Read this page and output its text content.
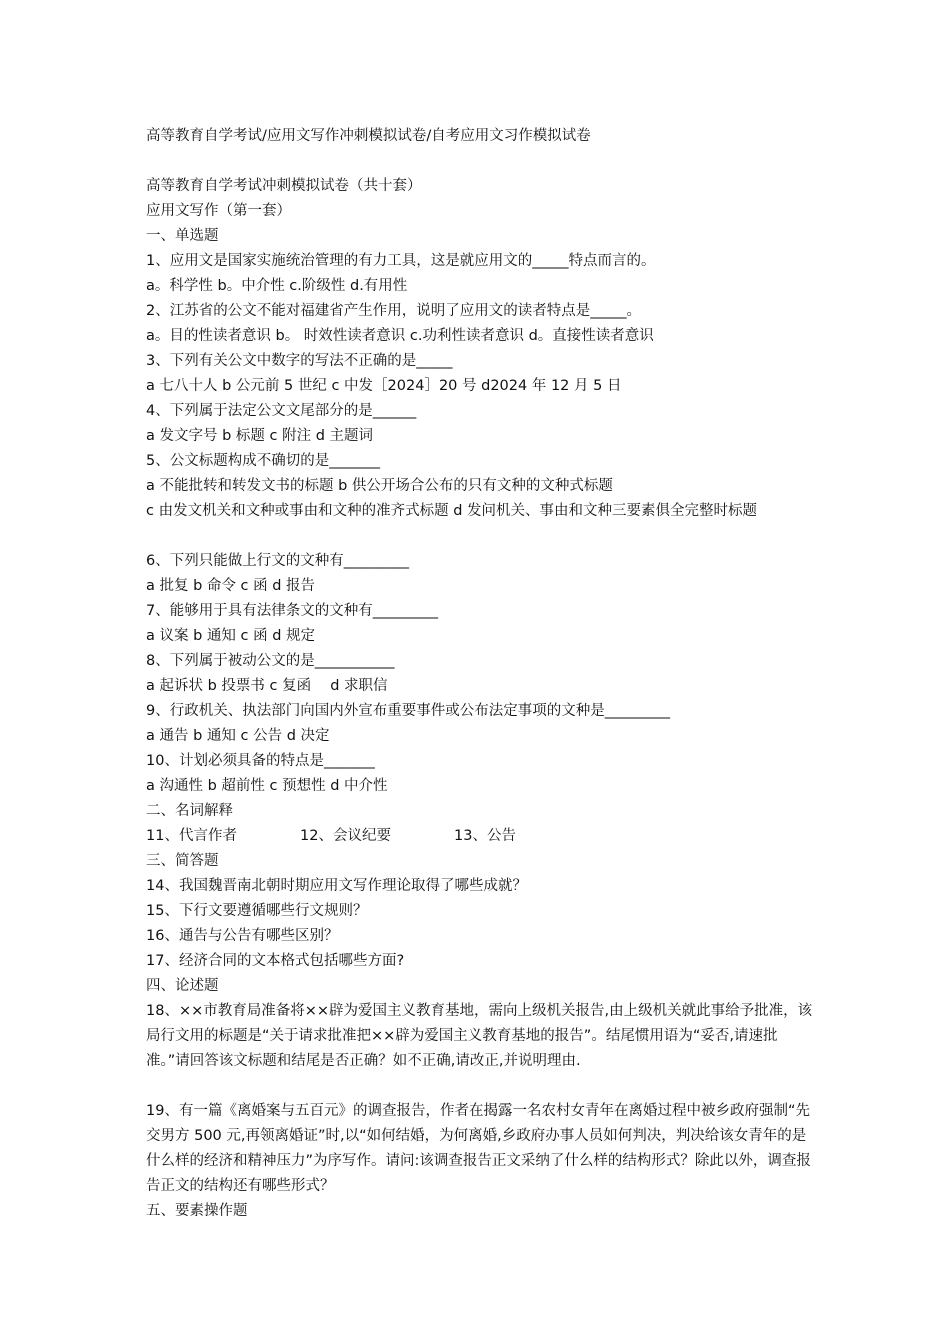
高等教育自学考试/应用文写作冲刺模拟试卷/自考应用文习作模拟试卷
高等教育自学考试冲刺模拟试卷（共十套）
应用文写作（第一套）
一、单选题
1、应用文是国家实施统治管理的有力工具，这是就应用文的_____特点而言的。
a。科学性 b。中介性 c.阶级性 d.有用性
2、江苏省的公文不能对福建省产生作用，说明了应用文的读者特点是_____。
a。目的性读者意识 b。 时效性读者意识 c.功利性读者意识 d。直接性读者意识
3、下列有关公文中数字的写法不正确的是_____
a 七八十人 b 公元前 5 世纪 c 中发［2024］20 号 d2024 年 12 月 5 日
4、下列属于法定公文文尾部分的是______
a 发文字号 b 标题 c 附注 d 主题词
5、公文标题构成不确切的是_______
a 不能批转和转发文书的标题 b 供公开场合公布的只有文种的文种式标题
c 由发文机关和文种或事由和文种的准齐式标题 d 发问机关、事由和文种三要素俱全完整时标题
6、下列只能做上行文的文种有_________
a 批复 b 命令 c 函 d 报告
7、能够用于具有法律条文的文种有_________
a 议案 b 通知 c 函 d 规定
8、下列属于被动公文的是___________
a 起诉状 b 投票书 c 复函　 d 求职信
9、行政机关、执法部门向国内外宣布重要事件或公布法定事项的文种是_________
a 通告 b 通知 c 公告 d 决定
10、计划必须具备的特点是_______
a 沟通性 b 超前性 c 预想性 d 中介性
二、名词解释
11、代言作者	12、会议纪要	13、公告
三、简答题
14、我国魏晋南北朝时期应用文写作理论取得了哪些成就？
15、下行文要遵循哪些行文规则？
16、通告与公告有哪些区别？
17、经济合同的文本格式包括哪些方面?
四、论述题
18、××市教育局准备将××辟为爱国主义教育基地，需向上级机关报告,由上级机关就此事给予批准，该局行文用的标题是“关于请求批准把××辟为爱国主义教育基地的报告”。结尾惯用语为“妥否,请速批准。”请回答该文标题和结尾是否正确？如不正确,请改正,并说明理由.
19、有一篇《离婚案与五百元》的调查报告，作者在揭露一名农村女青年在离婚过程中被乡政府强制“先交男方 500 元,再领离婚证”时,以“如何结婚，为何离婚,乡政府办事人员如何判决，判决给该女青年的是什么样的经济和精神压力”为序写作。请问:该调查报告正文采纳了什么样的结构形式？除此以外，调查报告正文的结构还有哪些形式？
五、要素操作题
